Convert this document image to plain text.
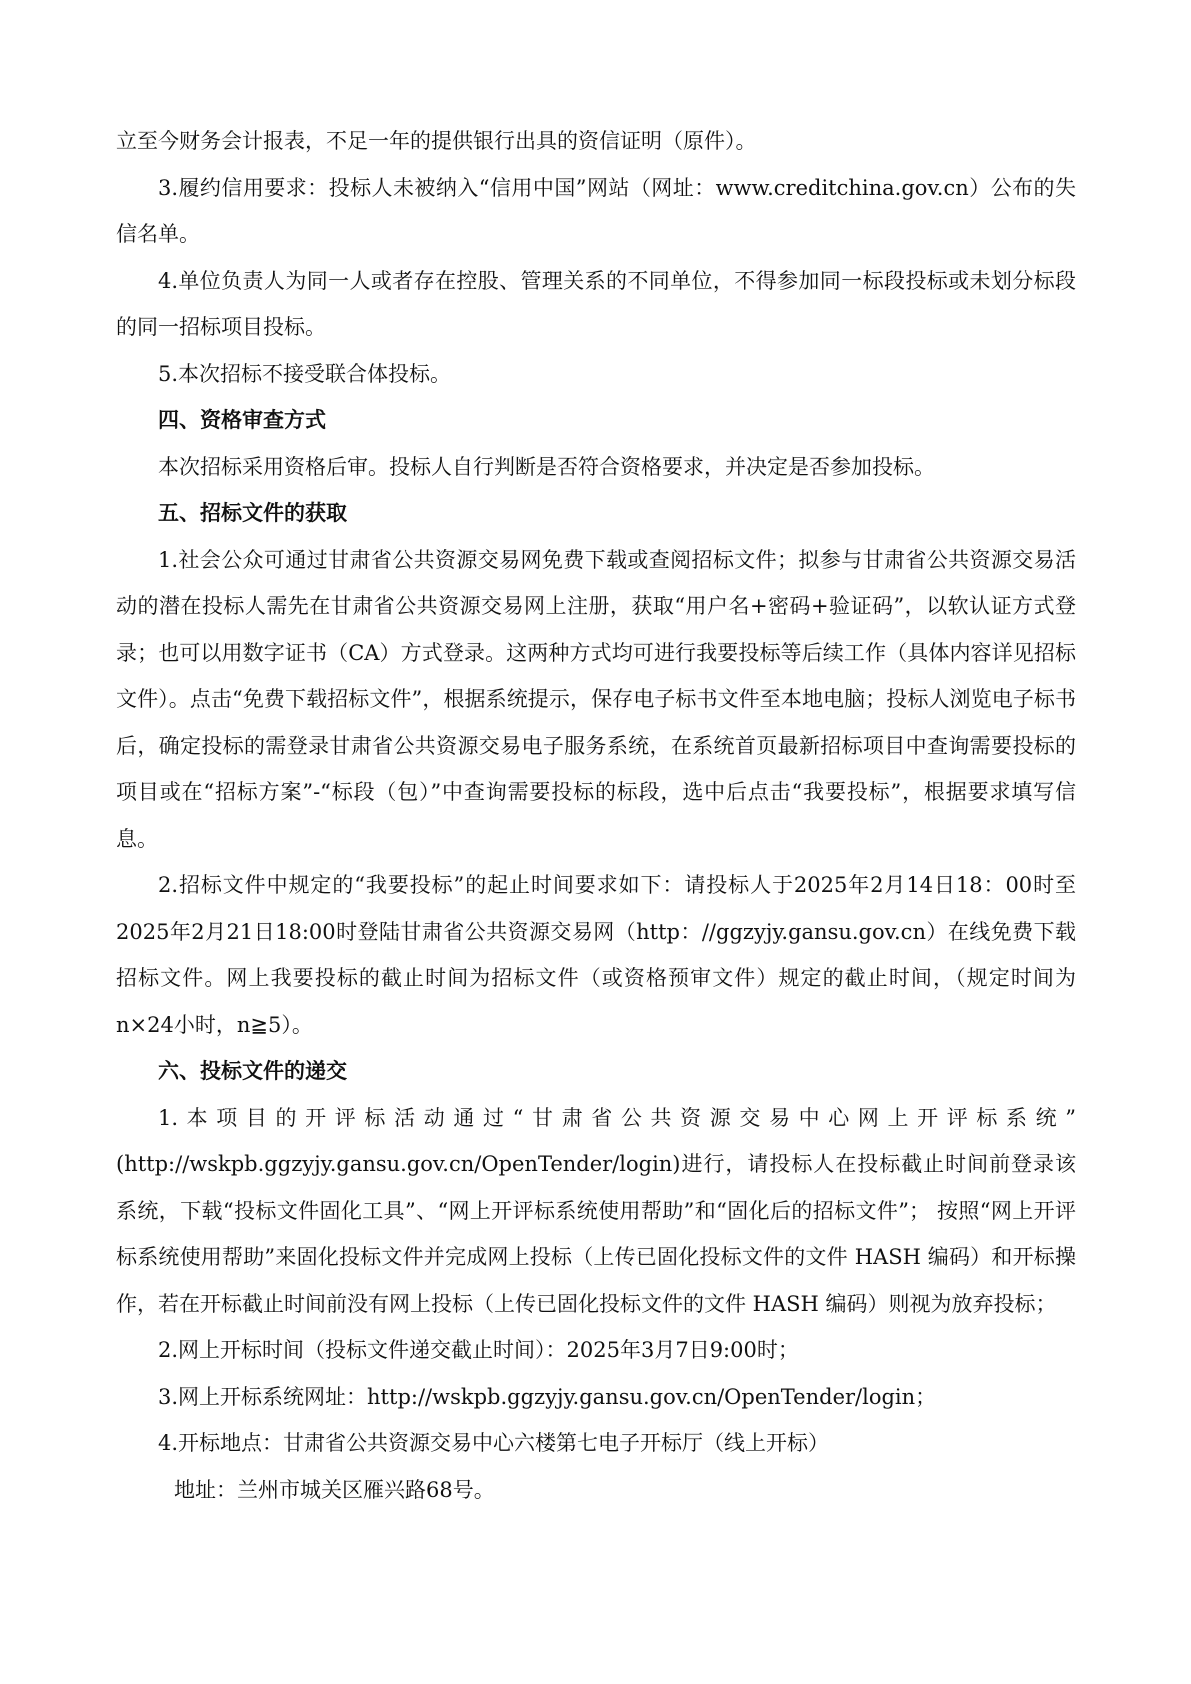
立至今财务会计报表，不足一年的提供银行出具的资信证明（原件）。

3.履约信用要求：投标人未被纳入“信用中国”网站（网址：www.creditchina.gov.cn）公布的失信名单。

4.单位负责人为同一人或者存在控股、管理关系的不同单位，不得参加同一标段投标或未划分标段的同一招标项目投标。

5.本次招标不接受联合体投标。

四、资格审查方式

本次招标采用资格后审。投标人自行判断是否符合资格要求，并决定是否参加投标。

五、招标文件的获取

1.社会公众可通过甘肃省公共资源交易网免费下载或查阅招标文件；拟参与甘肃省公共资源交易活动的潜在投标人需先在甘肃省公共资源交易网上注册，获取“用户名+密码+验证码”，以软认证方式登录；也可以用数字证书（CA）方式登录。这两种方式均可进行我要投标等后续工作（具体内容详见招标文件）。点击“免费下载招标文件”，根据系统提示，保存电子标书文件至本地电脑；投标人浏览电子标书后，确定投标的需登录甘肃省公共资源交易电子服务系统，在系统首页最新招标项目中查询需要投标的项目或在“招标方案”-“标段（包）”中查询需要投标的标段，选中后点击“我要投标”，根据要求填写信息。

2.招标文件中规定的“我要投标”的起止时间要求如下：请投标人于2025年2月14日18：00时至 2025年2月21日18:00时登陆甘肃省公共资源交易网（http：//ggzyjy.gansu.gov.cn）在线免费下载招标文件。网上我要投标的截止时间为招标文件（或资格预审文件）规定的截止时间，（规定时间为n×24小时，n≧5）。

六、投标文件的递交

1.本项目的开评标活动通过“甘肃省公共资源交易中心网上开评标系统” (http://wskpb.ggzyjy.gansu.gov.cn/OpenTender/login)进行，请投标人在投标截止时间前登录该系统，下载“投标文件固化工具”、“网上开评标系统使用帮助”和“固化后的招标文件”； 按照“网上开评标系统使用帮助”来固化投标文件并完成网上投标（上传已固化投标文件的文件 HASH 编码）和开标操作，若在开标截止时间前没有网上投标（上传已固化投标文件的文件 HASH 编码）则视为放弃投标；

2.网上开标时间（投标文件递交截止时间）：2025年3月7日9:00时；

3.网上开标系统网址：http://wskpb.ggzyjy.gansu.gov.cn/OpenTender/login；

4.开标地点：甘肃省公共资源交易中心六楼第七电子开标厅（线上开标）

地址：兰州市城关区雁兴路68号。
